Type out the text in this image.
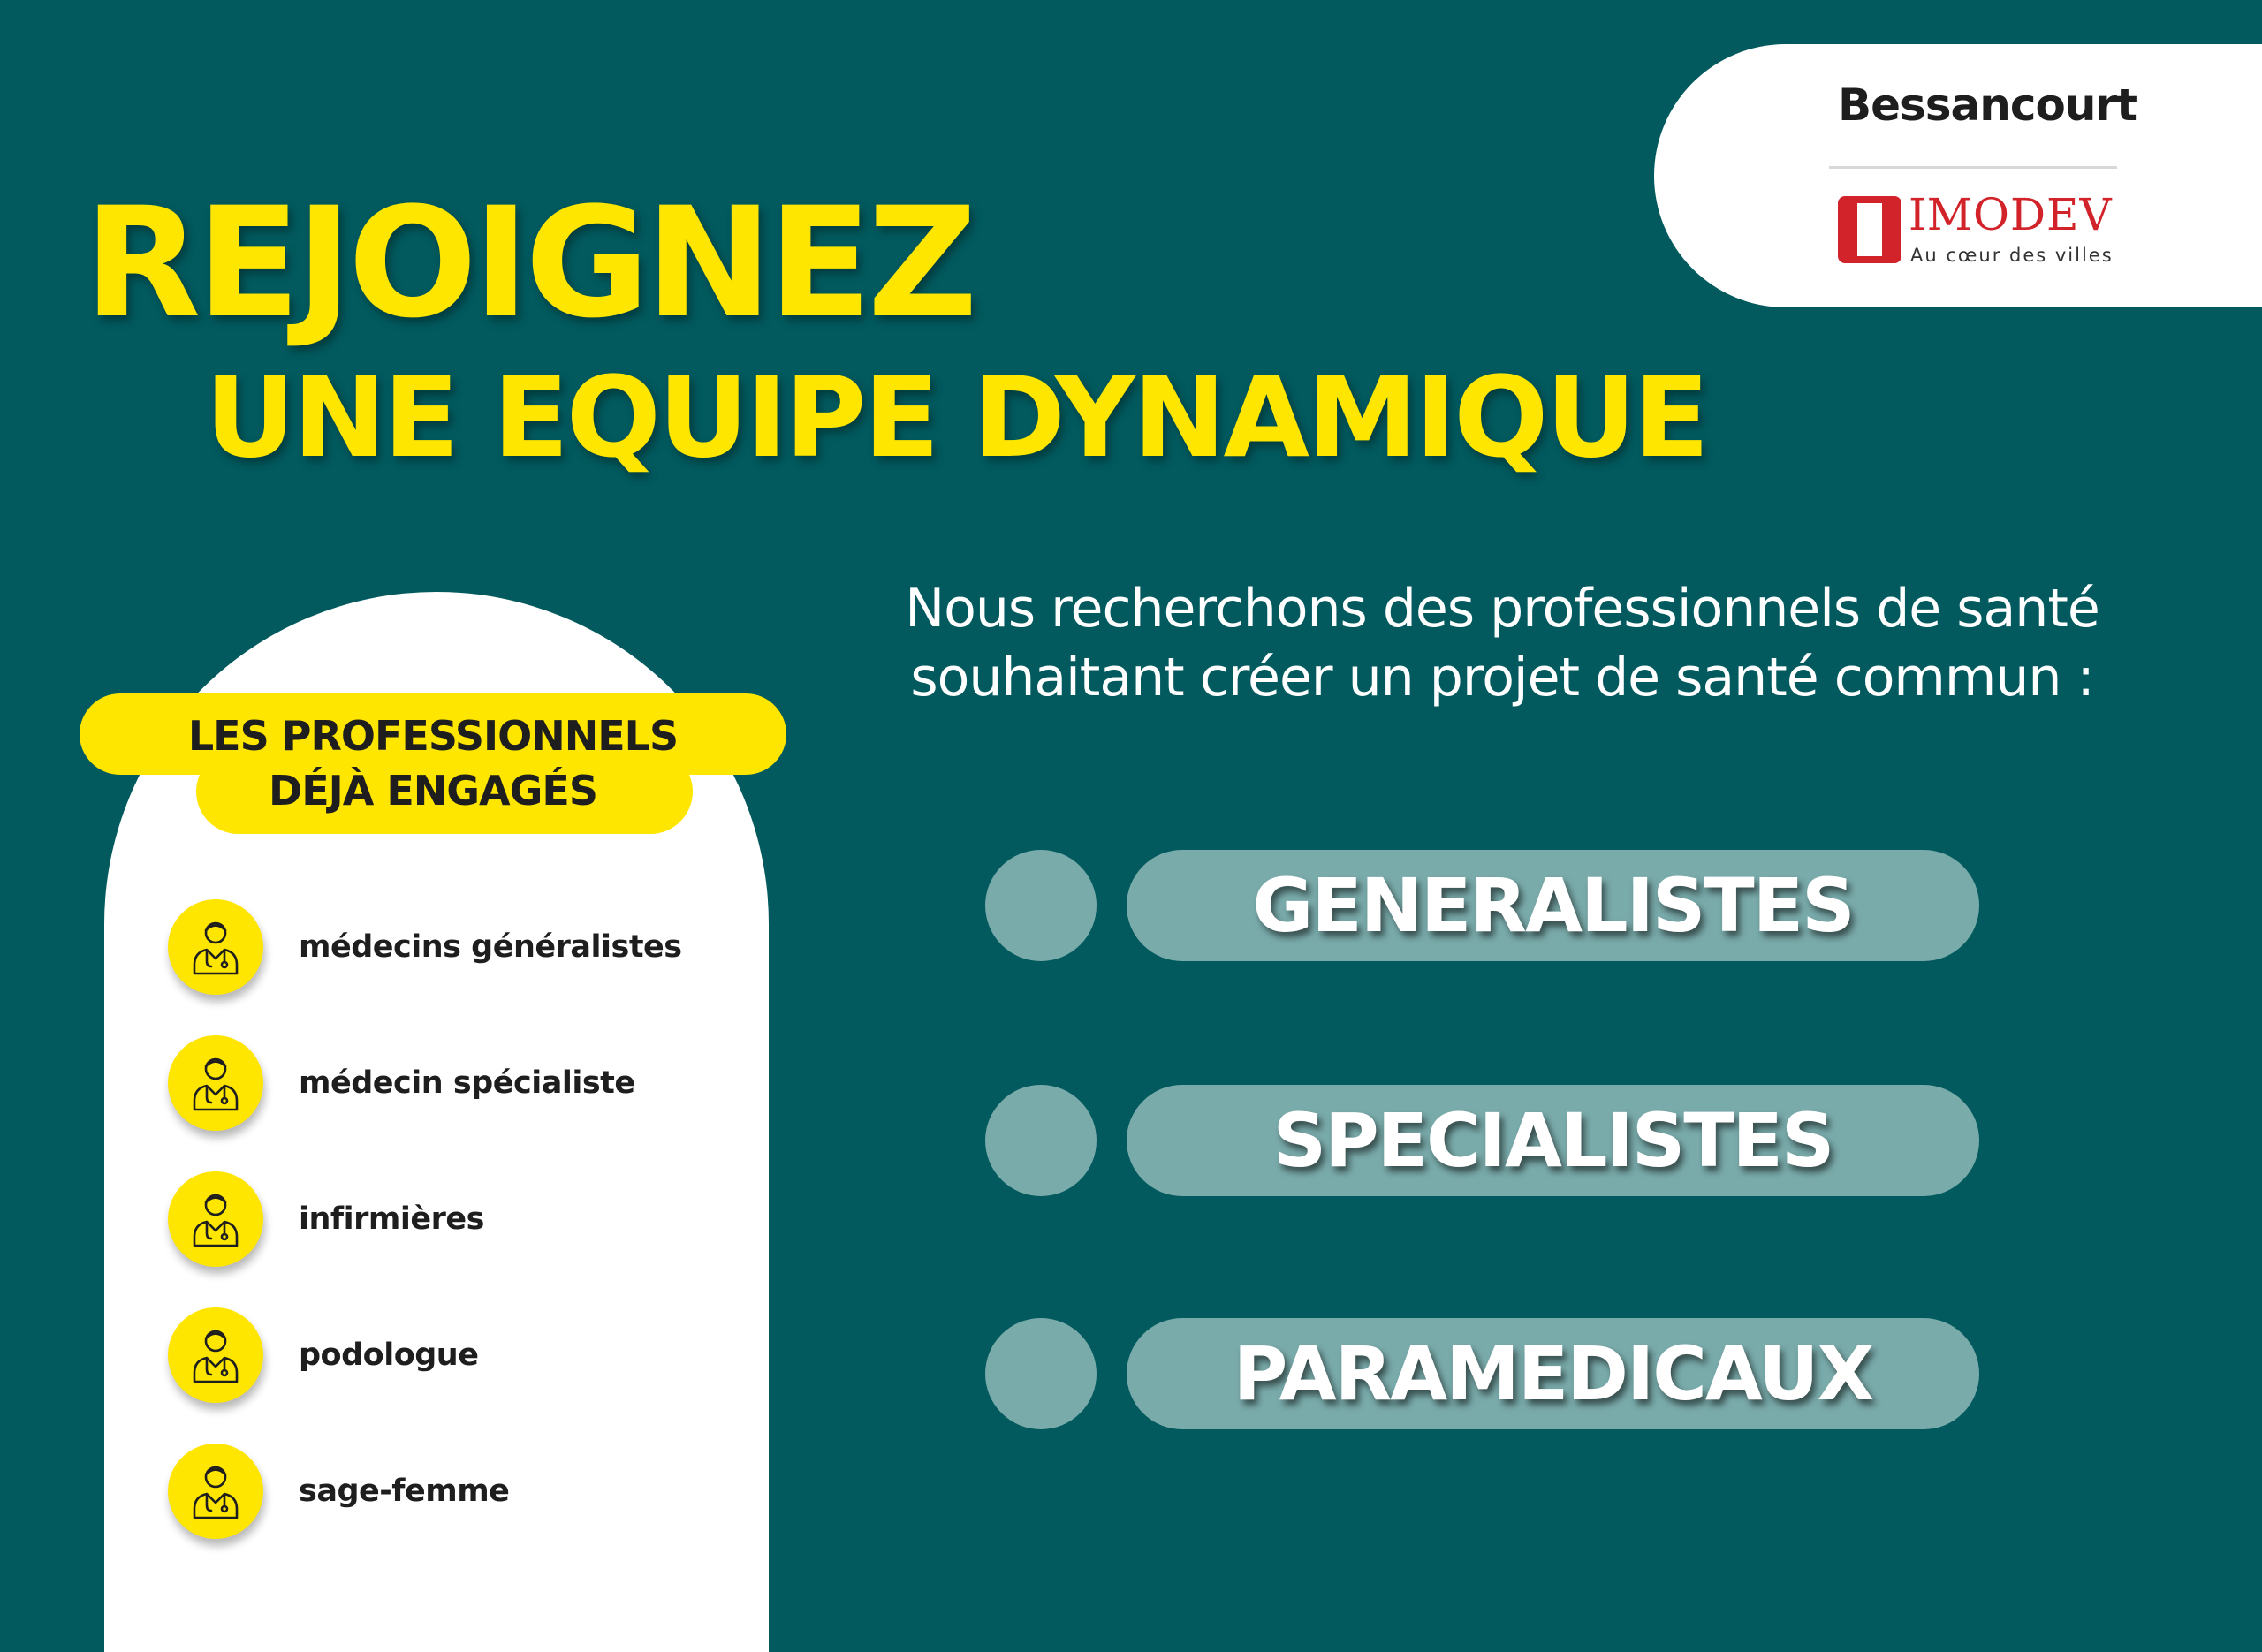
Bessancourt
IMODEV
Au cœur des villes
REJOIGNEZ
UNE EQUIPE DYNAMIQUE
LES PROFESSIONNELS
DÉJÀ ENGAGÉS
médecins généralistes
médecin spécialiste
infirmières
podologue
sage-femme
Nous recherchons des professionnels de santé
souhaitant créer un projet de santé commun :
GENERALISTES
SPECIALISTES
PARAMEDICAUX
